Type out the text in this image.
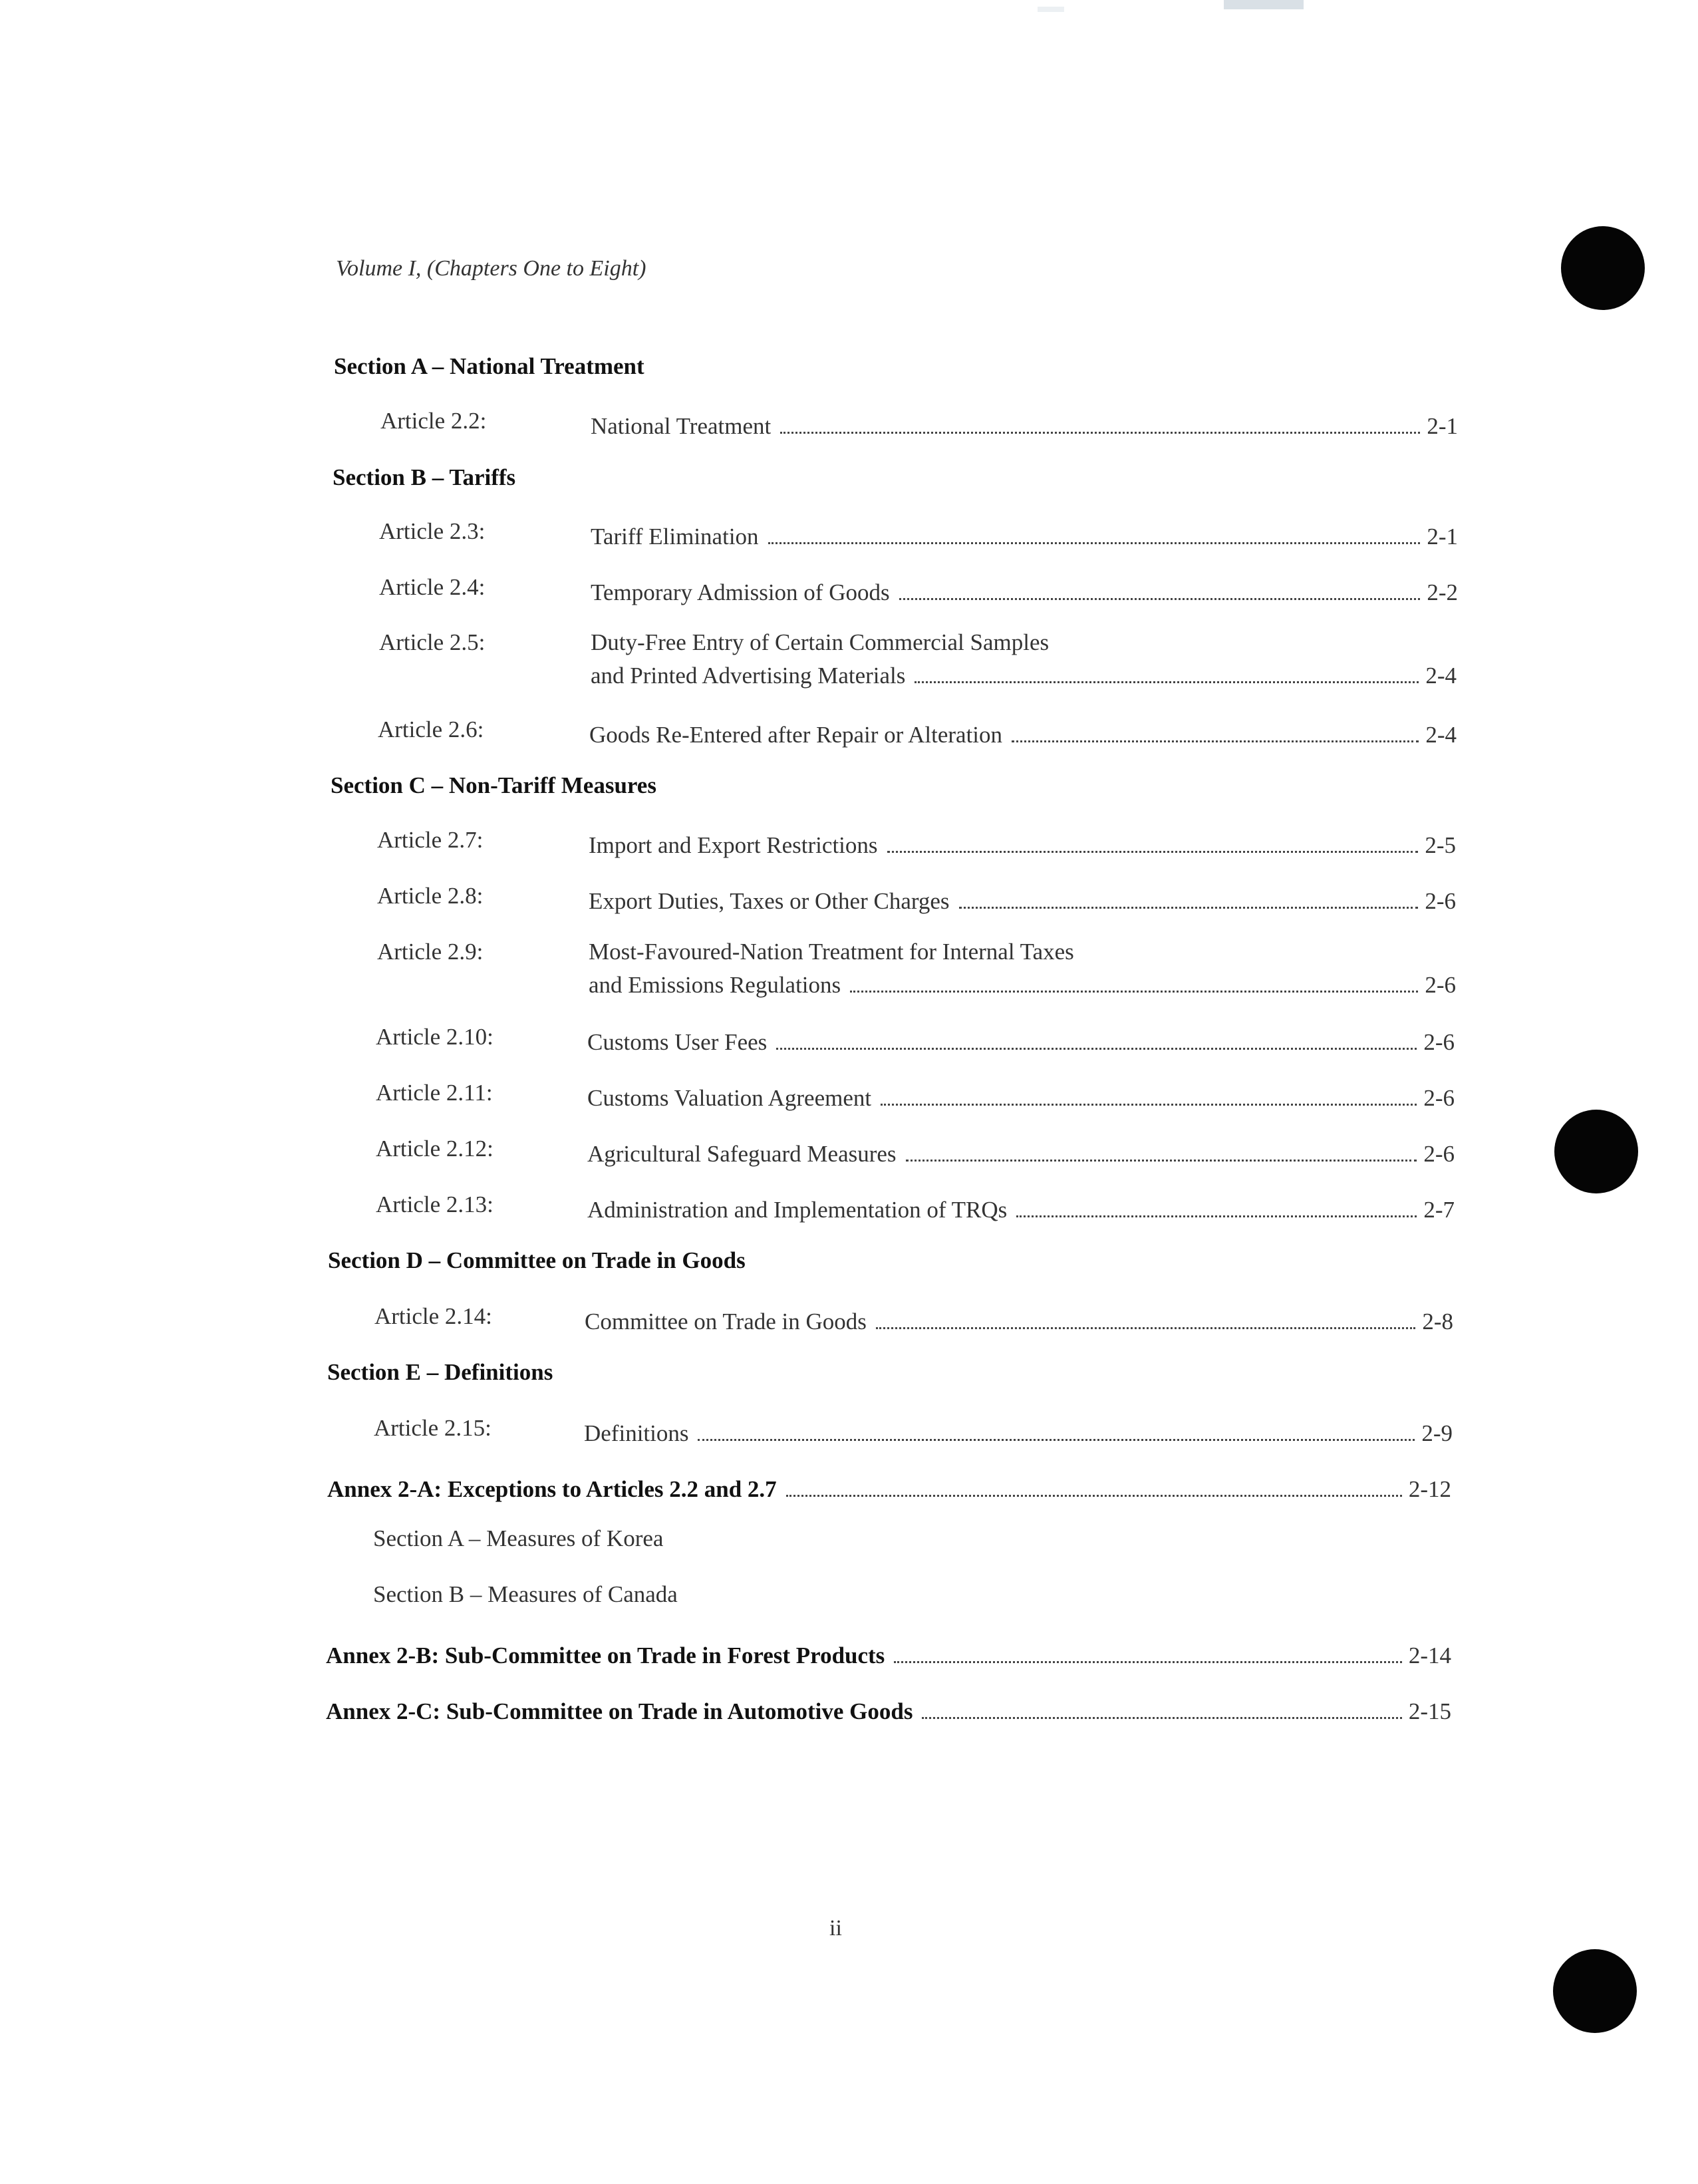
Volume I, (Chapters One to Eight)
Section A – National Treatment
Article 2.2:	National Treatment	2-1
Section B – Tariffs
Article 2.3:	Tariff Elimination	2-1
Article 2.4:	Temporary Admission of Goods	2-2
Article 2.5:	Duty-Free Entry of Certain Commercial Samples
and Printed Advertising Materials	2-4
Article 2.6:	Goods Re-Entered after Repair or Alteration	2-4
Section C – Non-Tariff Measures
Article 2.7:	Import and Export Restrictions	2-5
Article 2.8:	Export Duties, Taxes or Other Charges	2-6
Article 2.9:	Most-Favoured-Nation Treatment for Internal Taxes
and Emissions Regulations	2-6
Article 2.10:	Customs User Fees	2-6
Article 2.11:	Customs Valuation Agreement	2-6
Article 2.12:	Agricultural Safeguard Measures	2-6
Article 2.13:	Administration and Implementation of TRQs	2-7
Section D – Committee on Trade in Goods
Article 2.14:	Committee on Trade in Goods	2-8
Section E – Definitions
Article 2.15:	Definitions	2-9
Annex 2-A: Exceptions to Articles 2.2 and 2.7	2-12
Section A – Measures of Korea
Section B – Measures of Canada
Annex 2-B: Sub-Committee on Trade in Forest Products	2-14
Annex 2-C: Sub-Committee on Trade in Automotive Goods	2-15
ii
